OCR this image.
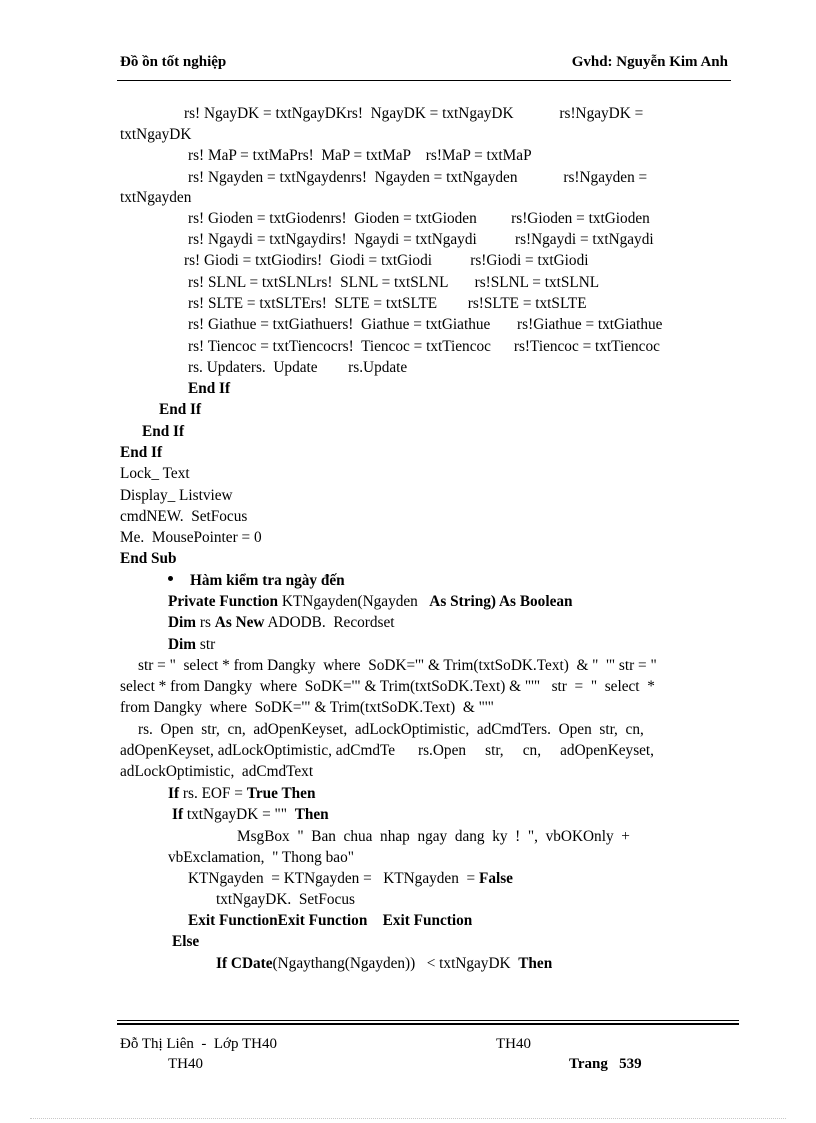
Đồ ồn tốt nghiệp	Gvhd: Nguyễn Kim Anh
rs! NgayDK = txtNgayDKrs!  NgayDK = txtNgayDK            rs!NgayDK =
txtNgayDK
rs! MaP = txtMaPrs!  MaP = txtMaP    rs!MaP = txtMaP
rs! Ngayden = txtNgaydenrs!  Ngayden = txtNgayden            rs!Ngayden =
txtNgayden
rs! Gioden = txtGiodenrs!  Gioden = txtGioden         rs!Gioden = txtGioden
rs! Ngaydi = txtNgaydirs!  Ngaydi = txtNgaydi          rs!Ngaydi = txtNgaydi
rs! Giodi = txtGiodirs!  Giodi = txtGiodi          rs!Giodi = txtGiodi
rs! SLNL = txtSLNLrs!  SLNL = txtSLNL       rs!SLNL = txtSLNL
rs! SLTE = txtSLTErs!  SLTE = txtSLTE        rs!SLTE = txtSLTE
rs! Giathue = txtGiathuers!  Giathue = txtGiathue       rs!Giathue = txtGiathue
rs! Tiencoc = txtTiencocrs!  Tiencoc = txtTiencoc      rs!Tiencoc = txtTiencoc
rs. Updaters.  Update        rs.Update
End If
End If
End If
End If
Lock_ Text
Display_ Listview
cmdNEW.  SetFocus
Me.  MousePointer = 0
End Sub
Hàm kiểm tra ngày đến
Private Function KTNgayden(Ngayden As String) As Boolean
Dim rs As New ADODB.  Recordset
Dim str
str = "  select * from Dangky  where  SoDK='" & Trim(txtSoDK.Text)  & "  '" str = "
select * from Dangky  where  SoDK='" & Trim(txtSoDK.Text) & "'"   str  =  "  select  *
from Dangky  where  SoDK='" & Trim(txtSoDK.Text)  & "'"
rs.  Open  str,  cn,  adOpenKeyset,  adLockOptimistic,  adCmdTers.  Open  str,  cn,
adOpenKeyset, adLockOptimistic, adCmdTe      rs.Open     str,     cn,     adOpenKeyset,
adLockOptimistic,  adCmdText
If rs. EOF = True Then
If txtNgayDK = "" Then
MsgBox  "  Ban  chua  nhap  ngay  dang  ky  !  ",  vbOKOnly  +
vbExclamation,  " Thong bao"
KTNgayden  = KTNgayden =   KTNgayden  = False
txtNgayDK.  SetFocus
Exit FunctionExit Function    Exit Function
Else
If CDate(Ngaythang(Ngayden))   < txtNgayDK Then
Đỗ Thị Liên  -  Lớp TH40
TH40
TH40
Trang 539
